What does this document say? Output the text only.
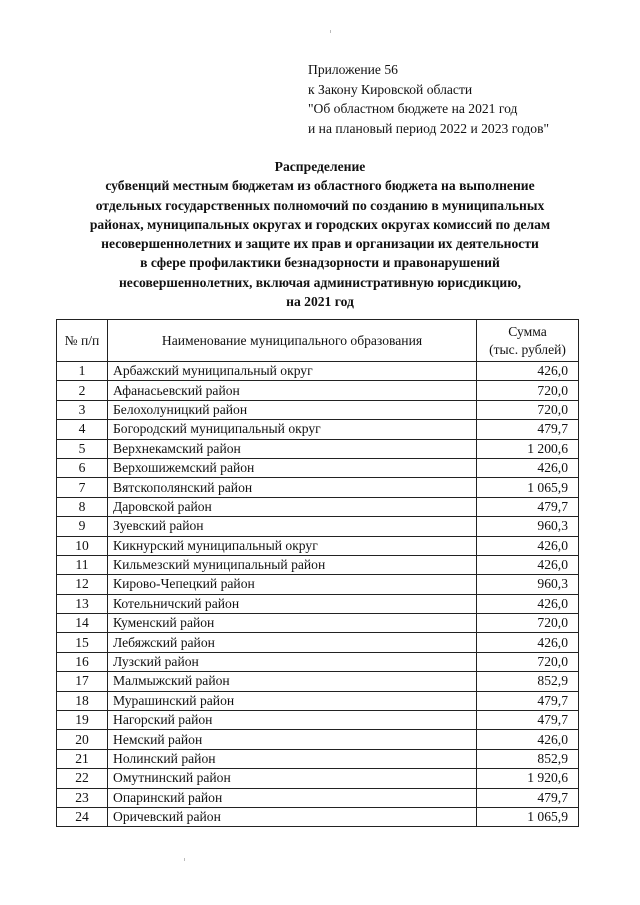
Приложение 56
к Закону Кировской области
"Об областном бюджете на 2021 год
и на плановый период 2022 и 2023 годов"
Распределение
субвенций местным бюджетам из областного бюджета на выполнение
отдельных государственных полномочий по созданию в муниципальных
районах, муниципальных округах и городских округах комиссий по делам
несовершеннолетних и защите их прав и организации их деятельности
в сфере профилактики безнадзорности и правонарушений
несовершеннолетних, включая административную юрисдикцию,
на 2021 год
№ п/п	Наименование муниципального образования	Сумма
(тыс. рублей)

1	Арбажский муниципальный округ	426,0
2	Афанасьевский район	720,0
3	Белохолуницкий район	720,0
4	Богородский муниципальный округ	479,7
5	Верхнекамский район	1 200,6
6	Верхошижемский район	426,0
7	Вятскополянский район	1 065,9
8	Даровской район	479,7
9	Зуевский район	960,3
10	Кикнурский муниципальный округ	426,0
11	Кильмезский муниципальный район	426,0
12	Кирово-Чепецкий район	960,3
13	Котельничский район	426,0
14	Куменский район	720,0
15	Лебяжский район	426,0
16	Лузский район	720,0
17	Малмыжский район	852,9
18	Мурашинский район	479,7
19	Нагорский район	479,7
20	Немский район	426,0
21	Нолинский район	852,9
22	Омутнинский район	1 920,6
23	Опаринский район	479,7
24	Оричевский район	1 065,9
